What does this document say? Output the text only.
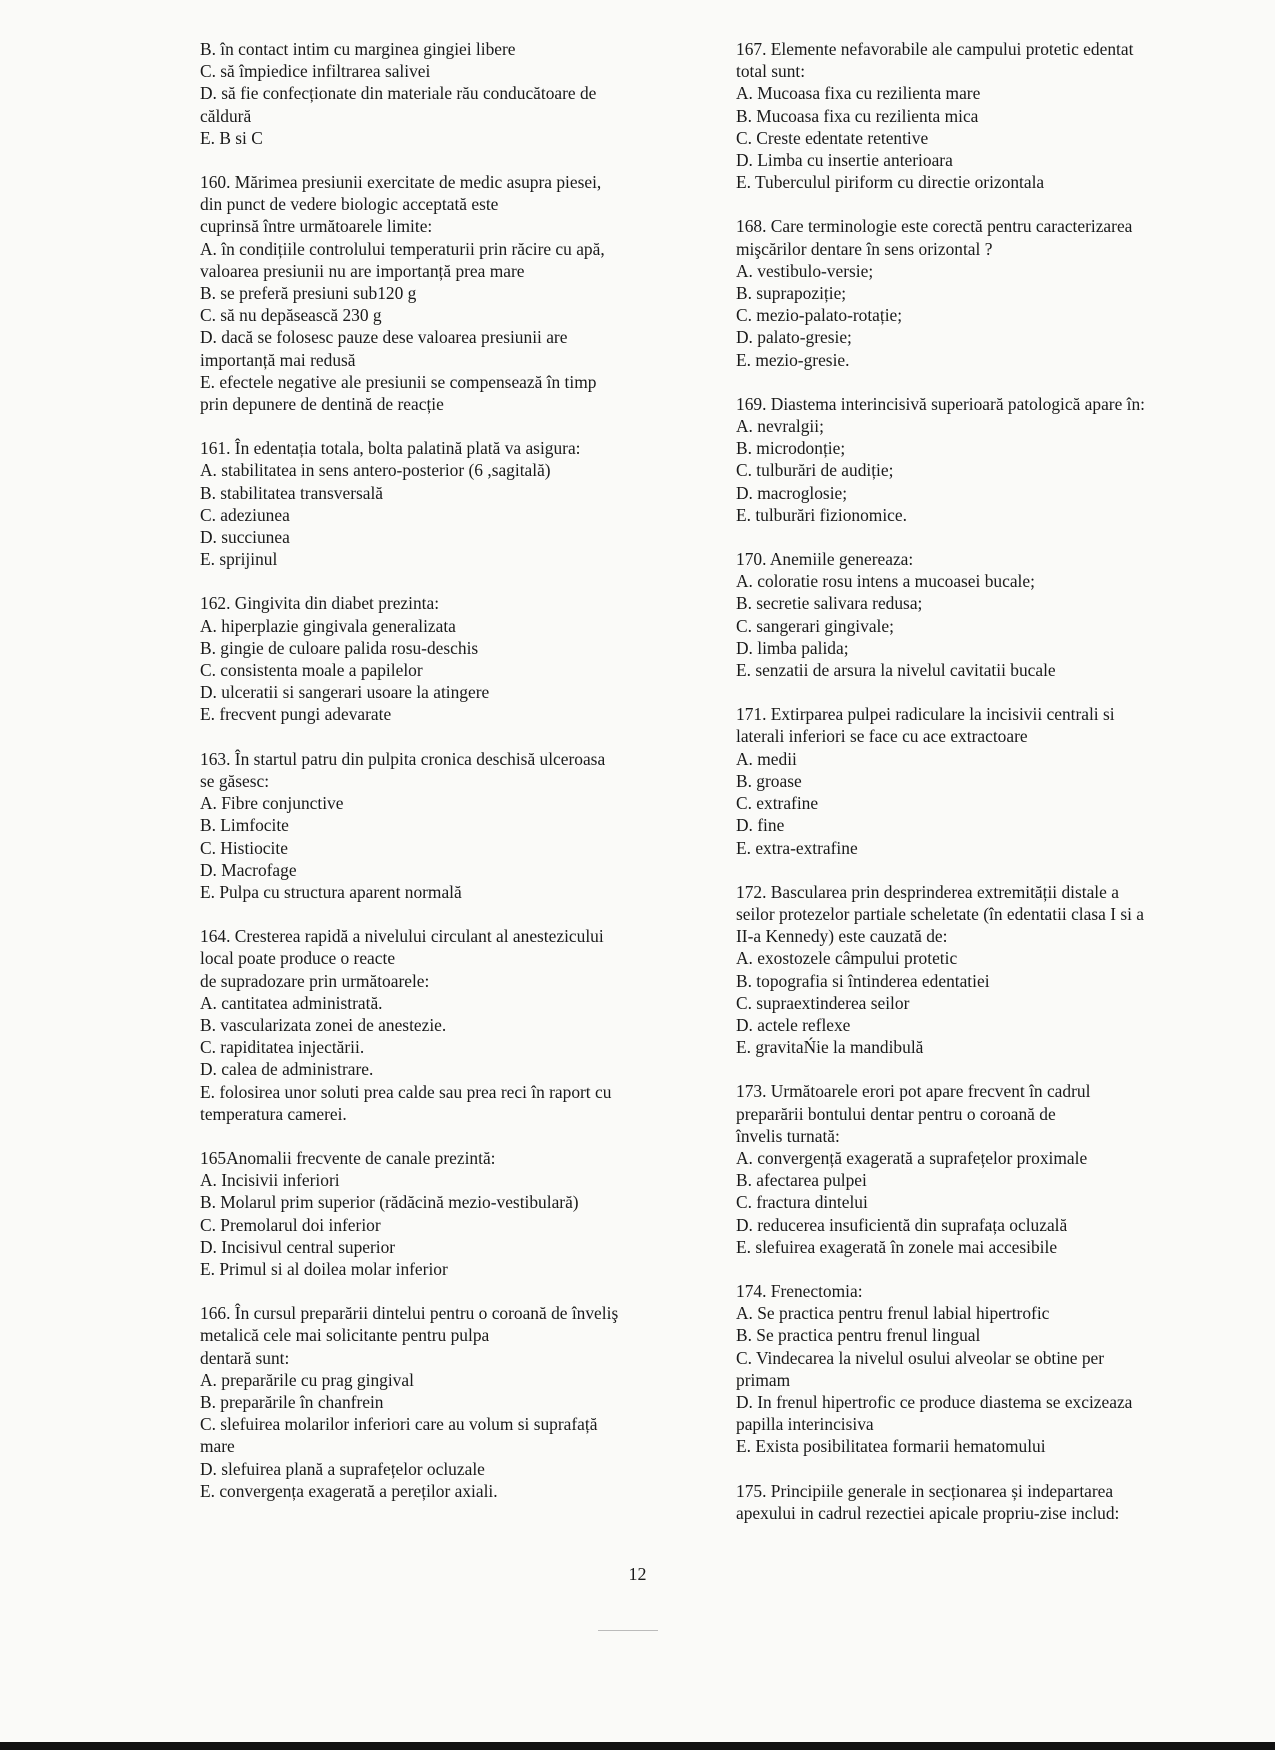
B. în contact intim cu marginea gingiei libere
C. să împiedice infiltrarea salivei
D. să fie confecționate din materiale rău conducătoare de
căldură
E. B si C
160. Mărimea presiunii exercitate de medic asupra piesei,
din punct de vedere biologic acceptată este
cuprinsă între următoarele limite:
A. în condițiile controlului temperaturii prin răcire cu apă,
valoarea presiunii nu are importanță prea mare
B. se preferă presiuni sub120 g
C. să nu depăsească 230 g
D. dacă se folosesc pauze dese valoarea presiunii are
importanță mai redusă
E. efectele negative ale presiunii se compensează în timp
prin depunere de dentină de reacție
161. În edentația totala, bolta palatină plată va asigura:
A. stabilitatea in sens antero-posterior (6 ,sagitală)
B. stabilitatea transversală
C. adeziunea
D. succiunea
E. sprijinul
162. Gingivita din diabet prezinta:
A. hiperplazie gingivala generalizata
B. gingie de culoare palida rosu-deschis
C. consistenta moale a papilelor
D. ulceratii si sangerari usoare la atingere
E. frecvent pungi adevarate
163. În startul patru din pulpita cronica deschisă ulceroasa
se găsesc:
A. Fibre conjunctive
B. Limfocite
C. Histiocite
D. Macrofage
E. Pulpa cu structura aparent normală
164. Cresterea rapidă a nivelului circulant al anestezicului
local poate produce o reacte
de supradozare prin următoarele:
A. cantitatea administrată.
B. vascularizata zonei de anestezie.
C. rapiditatea injectării.
D. calea de administrare.
E. folosirea unor soluti prea calde sau prea reci în raport cu
temperatura camerei.
165Anomalii frecvente de canale prezintă:
A. Incisivii inferiori
B. Molarul prim superior (rădăcină mezio-vestibulară)
C. Premolarul doi inferior
D. Incisivul central superior
E. Primul si al doilea molar inferior
166. În cursul preparării dintelui pentru o coroană de înveliş
metalică cele mai solicitante pentru pulpa
dentară sunt:
A. preparările cu prag gingival
B. preparările în chanfrein
C. slefuirea molarilor inferiori care au volum si suprafață
mare
D. slefuirea plană a suprafețelor ocluzale
E. convergența exagerată a pereților axiali.
167. Elemente nefavorabile ale campului protetic edentat
total sunt:
A. Mucoasa fixa cu rezilienta mare
B. Mucoasa fixa cu rezilienta mica
C. Creste edentate retentive
D. Limba cu insertie anterioara
E. Tuberculul piriform cu directie orizontala
168. Care terminologie este corectă pentru caracterizarea
mişcărilor dentare în sens orizontal ?
A. vestibulo-versie;
B. suprapoziție;
C. mezio-palato-rotație;
D. palato-gresie;
E. mezio-gresie.
169. Diastema interincisivă superioară patologică apare în:
A. nevralgii;
B. microdonție;
C. tulburări de audiție;
D. macroglosie;
E. tulburări fizionomice.
170. Anemiile genereaza:
A. coloratie rosu intens a mucoasei bucale;
B. secretie salivara redusa;
C. sangerari gingivale;
D. limba palida;
E. senzatii de arsura la nivelul cavitatii bucale
171. Extirparea pulpei radiculare la incisivii centrali si
laterali inferiori se face cu ace extractoare
A. medii
B. groase
C. extrafine
D. fine
E. extra-extrafine
172. Bascularea prin desprinderea extremității distale a
seilor protezelor partiale scheletate (în edentatii clasa I si a
II-a Kennedy) este cauzată de:
A. exostozele câmpului protetic
B. topografia si întinderea edentatiei
C. supraextinderea seilor
D. actele reflexe
E. gravitaŃie la mandibulă
173. Următoarele erori pot apare frecvent în cadrul
preparării bontului dentar pentru o coroană de
învelis turnată:
A. convergență exagerată a suprafețelor proximale
B. afectarea pulpei
C. fractura dintelui
D. reducerea insuficientă din suprafața ocluzală
E. slefuirea exagerată în zonele mai accesibile
174. Frenectomia:
A. Se practica pentru frenul labial hipertrofic
B. Se practica pentru frenul lingual
C. Vindecarea la nivelul osului alveolar se obtine per
primam
D. In frenul hipertrofic ce produce diastema se excizeaza
papilla interincisiva
E. Exista posibilitatea formarii hematomului
175. Principiile generale in secționarea și indepartarea
apexului in cadrul rezectiei apicale propriu-zise includ:
12
